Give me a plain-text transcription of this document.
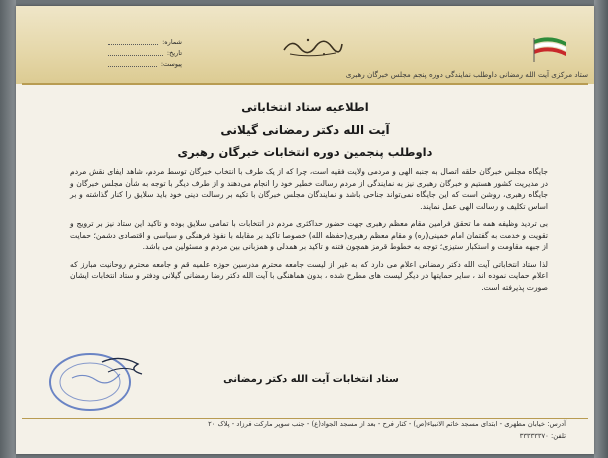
شماره:
تاریخ:
پیوست:
ستاد مرکزی آیت الله رمضانی داوطلب نمایندگی دوره پنجم مجلس خبرگان رهبری
اطلاعیه ستاد انتخاباتی
آیت الله دکتر رمضانی گیلانی
داوطلب پنجمین دوره انتخابات خبرگان رهبری

جایگاه مجلس خبرگان حلقه اتصال به جنبه الهی و مردمی ولایت فقیه است، چرا که از یک طرف با انتخاب خبرگان توسط مردم، شاهد ایفای نقش مردم در مدیریت کشور هستیم و خبرگان رهبری نیز به نمایندگی از مردم رسالت خطیر خود را انجام می‌دهند و از طرف دیگر با توجه به شأن مجلس خبرگان و جایگاه رهبری، روشن است که این جایگاه نمی‌تواند جناحی باشد و نمایندگان مجلس خبرگان با تکیه بر رسالت دینی خود باید سلایق را کنار گذاشته و بر اساس تکلیف و رسالت الهی عمل نمایند.

بی تردید وظیفه همه ما تحقق فرامین مقام معظم رهبری جهت حضور حداکثری مردم در انتخابات با تمامی سلایق بوده و تاکید این ستاد نیز بر ترویج و تقویت و خدمت به گفتمان امام خمینی(ره) و مقام معظم رهبری(حفظه الله) خصوصا تاکید بر مقابله با نفوذ فرهنگی و سیاسی و اقتصادی دشمن؛ حمایت از جبهه مقاومت و استکبار ستیزی؛ توجه به خطوط قرمز همچون فتنه و تاکید بر همدلی و همزبانی بین مردم و مسئولین می باشد.

لذا ستاد انتخاباتی آیت الله دکتر رمضانی اعلام می دارد که به غیر از لیست جامعه محترم مدرسین حوزه علمیه قم و جامعه محترم روحانیت مبارز که اعلام حمایت نموده اند ، سایر حمایتها در دیگر لیست های مطرح شده ، بدون هماهنگی با آیت الله دکتر رضا رمضانی گیلانی ودفتر و ستاد انتخابات ایشان صورت پذیرفته است.

ستاد انتخابات آیت الله دکتر رمضانی
آدرس: خیابان مطهری - ابتدای مسجد خاتم الانبیاء(ص) - کنار فرح - بعد از مسجد الجواد(ع) - جنب سوپر مارکت فرزاد - پلاک ۲۰
تلفن: ۳۳۳۳۳۳۷۰
